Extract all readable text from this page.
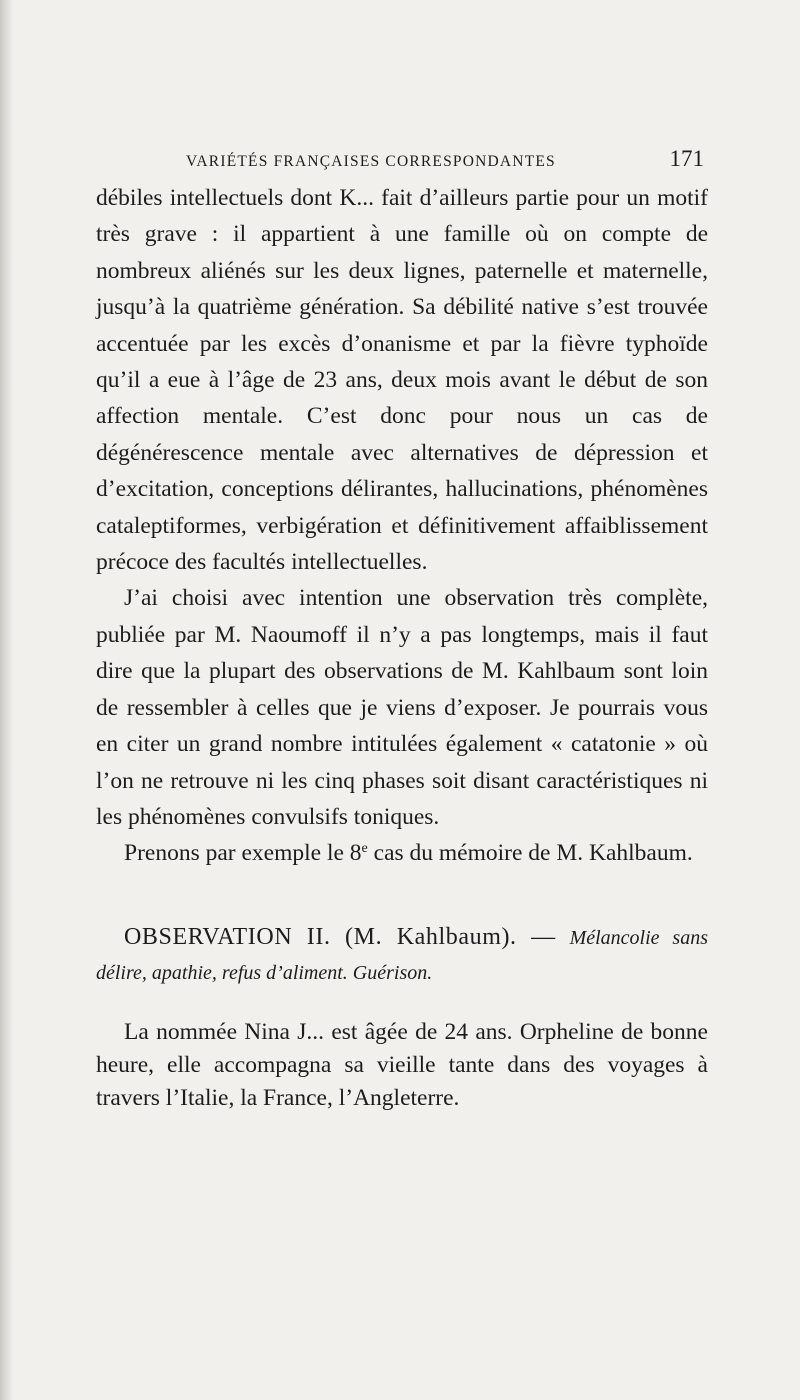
VARIÉTÉS FRANÇAISES CORRESPONDANTES	171

débiles intellectuels dont K... fait d’ailleurs partie pour un motif très grave : il appartient à une famille où on compte de nombreux aliénés sur les deux lignes, paternelle et maternelle, jusqu’à la quatrième génération. Sa débilité native s’est trouvée accentuée par les excès d’onanisme et par la fièvre typhoïde qu’il a eue à l’âge de 23 ans, deux mois avant le début de son affection mentale. C’est donc pour nous un cas de dégénérescence mentale avec alternatives de dépression et d’excitation, conceptions délirantes, hallucinations, phénomènes cataleptiformes, verbigération et définitivement affaiblissement précoce des facultés intellectuelles.

J’ai choisi avec intention une observation très complète, publiée par M. Naoumoff il n’y a pas longtemps, mais il faut dire que la plupart des observations de M. Kahlbaum sont loin de ressembler à celles que je viens d’exposer. Je pourrais vous en citer un grand nombre intitulées également « catatonie » où l’on ne retrouve ni les cinq phases soit disant caractéristiques ni les phénomènes convulsifs toniques.

Prenons par exemple le 8e cas du mémoire de M. Kahlbaum.

OBSERVATION II. (M. Kahlbaum). — Mélancolie sans délire, apathie, refus d’aliment. Guérison.

La nommée Nina J... est âgée de 24 ans. Orpheline de bonne heure, elle accompagna sa vieille tante dans des voyages à travers l’Italie, la France, l’Angleterre.
